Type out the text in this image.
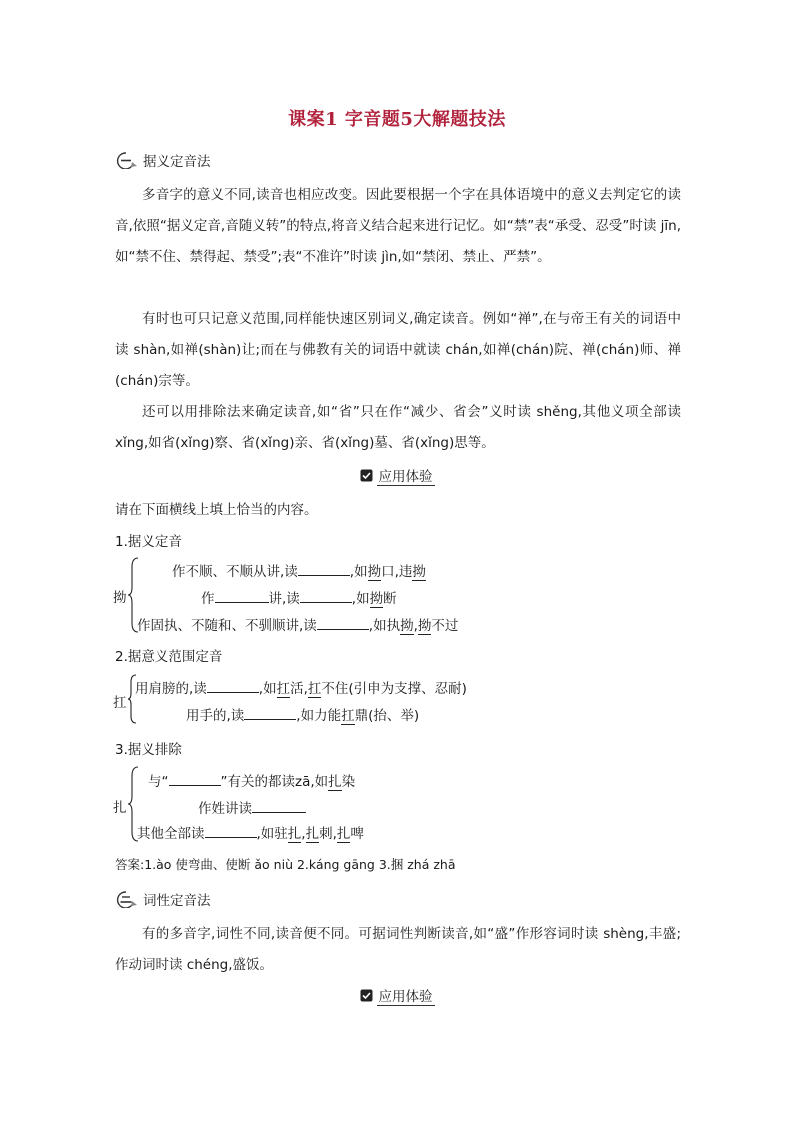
课案1 字音题5大解题技法
据义定音法
多音字的意义不同,读音也相应改变。因此要根据一个字在具体语境中的意义去判定它的读音,依照“据义定音,音随义转”的特点,将音义结合起来进行记忆。如“禁”表“承受、忍受”时读 jīn,如“禁不住、禁得起、禁受”;表“不准许”时读 jìn,如“禁闭、禁止、严禁”。
有时也可只记意义范围,同样能快速区别词义,确定读音。例如“禅”,在与帝王有关的词语中读 shàn,如禅(shàn)让;而在与佛教有关的词语中就读 chán,如禅(chán)院、禅(chán)师、禅(chán)宗等。
还可以用排除法来确定读音,如“省”只在作“减少、省会”义时读 shěng,其他义项全部读 xǐng,如省(xǐng)察、省(xǐng)亲、省(xǐng)墓、省(xǐng)思等。
应用体验
请在下面横线上填上恰当的内容。
1.据义定音
拗
作不顺、不顺从讲,读	,如拗口,违拗
作	讲,读	,如拗断
作固执、不随和、不驯顺讲,读	,如执拗,拗不过
2.据意义范围定音
扛
用肩膀的,读	,如扛活,扛不住(引申为支撑、忍耐)
用手的,读	,如力能扛鼎(抬、举)
3.据义排除
扎
与“	”有关的都读zā,如扎染
作姓讲读
其他全部读	,如驻扎,扎刺,扎啤
答案:1.ào 使弯曲、使断 ǎo niù 2.káng gāng 3.捆 zhá zhā
词性定音法
有的多音字,词性不同,读音便不同。可据词性判断读音,如“盛”作形容词时读 shèng,丰盛;作动词时读 chéng,盛饭。
应用体验
